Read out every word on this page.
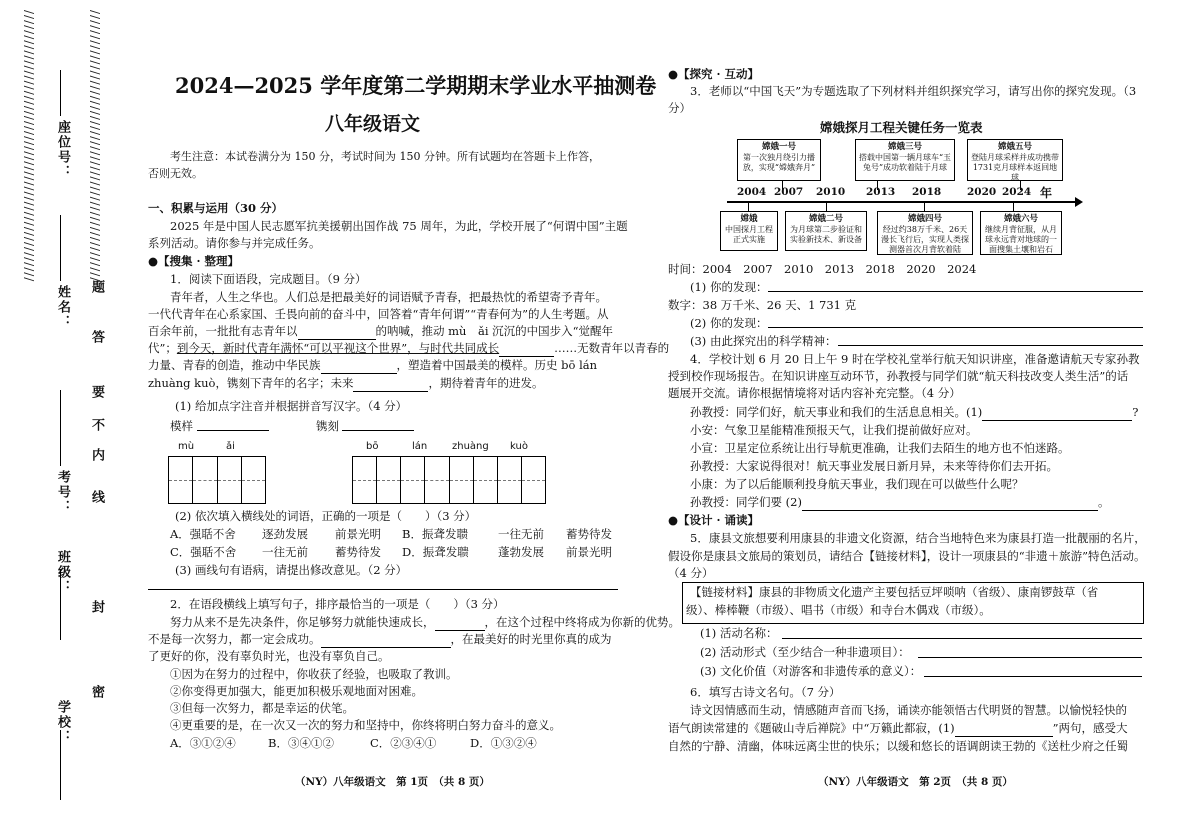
//////////////////////////////////////////////////////
////////////////////////////////////////////////////// 座位号：
姓名：
考号：
班级：
学校：
题
答
要
不
内
线
封
密
2024—2025 学年度第二学期期末学业水平抽测卷
八年级语文
考生注意：本试卷满分为 150 分，考试时间为 150 分钟。所有试题均在答题卡上作答，
否则无效。
一、积累与运用（30 分）
2025 年是中国人民志愿军抗美援朝出国作战 75 周年，为此，学校开展了“何谓中国”主题
系列活动。请你参与并完成任务。
●【搜集 · 整理】
1．阅读下面语段，完成题目。（9 分）
青年者，人生之华也。人们总是把最美好的词语赋予青春，把最热忱的希望寄予青年。
一代代青年在心系家国、壬畏向前的奋斗中，回答着“青年何谓”“青春何为”的人生考题。从
百余年前，一批批有志青年以	的呐喊，推动 mù　ǎi 沉沉的中国步入“觉醒年
代”；到今天，新时代青年满怀“可以平视这个世界”，与时代共同成长	……无数青年以青春的
力量、青春的创造，推动中华民族	，塑造着中国最美的模样。历史 bō lán
zhuàng kuò，镌刻下青年的名字；未来	，期待着青年的进发。
(1) 给加点字注音并根据拼音写汉字。（4 分）
模样	镌刻
mù	ǎi	bō	lán zhuàng kuò
(2) 依次填入横线处的词语，正确的一项是（　　）（3 分）
A．强聒不舍 逐劲发展 前景光明 B．振聋发聩	一往无前 蓄势待发
C．强聒不舍 一往无前 蓄势待发 D．振聋发聩	蓬勃发展 前景光明
(3) 画线句有语病，请提出修改意见。（2 分）
2．在语段横线上填写句子，排序最恰当的一项是（　　）（3 分）
努力从来不是先决条件，你足够努力就能快速成长，	，在这个过程中终将成为你新的优势。
不是每一次努力，都一定会成功。	，在最美好的时光里你真的成为
了更好的你，没有辜负时光，也没有辜负自己。
①因为在努力的过程中，你收获了经验，也吸取了教训。
②你变得更加强大，能更加积极乐观地面对困难。
③但每一次努力，都是幸运的伏笔。
④更重要的是，在一次又一次的努力和坚持中，你终将明白努力奋斗的意义。
A．③①②④	B．③④①②	C．②③④①	D．①③②④
（NY）八年级语文　第 1页　（共 8 页）
●【探究 · 互动】
3．老师以“中国飞天”为专题选取了下列材料并组织探究学习，请写出你的探究发现。（3
分）
嫦娥探月工程关键任务一览表
嫦娥一号
第一次独月绕引力播放，实现“嫦娥奔月”
嫦娥三号
搭载中国第一辆月球车“玉兔号”成功软着陆于月球
嫦娥五号
登陆月球采样并成功携带1731克月球样本返回地球
2004 2007 2010 2013 2018 2020 2024 年
嫦娥
中国探月工程正式实施
嫦娥二号
为月球第二步验证和实验新技术、新设备
嫦娥四号
经过约38万千米、26天漫长飞行后，实现人类探测器首次月背软着陆
嫦娥六号
继续月背征服，从月球永远背对地球的一面搜集土壤和岩石
时间：2004　2007　2010　2013　2018　2020　2024
(1) 你的发现：
数字：38 万千米、26 天、1 731 克
(2) 你的发现：
(3) 由此探究出的科学精神：
4．学校计划 6 月 20 日上午 9 时在学校礼堂举行航天知识讲座，准备邀请航天专家孙教
授到校作现场报告。在知识讲座互动环节，孙教授与同学们就“航天科技改变人类生活”的话
题展开交流。请你根据情境将对话内容补充完整。（4 分）
孙教授：同学们好，航天事业和我们的生活息息相关。(1)	?
小安：气象卫星能精准预报天气，让我们提前做好应对。
小宣：卫星定位系统让出行导航更准确，让我们去陌生的地方也不怕迷路。
孙教授：大家说得很对！航天事业发展日新月异，未来等待你们去开拓。
小康：为了以后能顺利投身航天事业，我们现在可以做些什么呢？
孙教授：同学们要 (2)	。
●【设计 · 诵读】
5．康县文旅想要利用康县的非遗文化资源，结合当地特色来为康县打造一批靓丽的名片，
假设你是康县文旅局的策划员，请结合【链接材料】，设计一项康县的“非遗＋旅游”特色活动。
（4 分）
【链接材料】康县的非物质文化遗产主要包括豆坪唢呐（省级）、康南锣鼓草（省
级）、棒棒鞭（市级）、唱书（市级）和寺台木偶戏（市级）。
(1) 活动名称：
(2) 活动形式（至少结合一种非遗项目）：
(3) 文化价值（对游客和非遗传承的意义）：
6．填写古诗文名句。（7 分）
诗文因情感而生动，情感随声音而飞扬，诵读亦能领悟古代明贤的智慧。以愉悦轻快的
语气朗读常建的《题破山寺后禅院》中“万籁此都寂，(1)	”两句，感受大
自然的宁静、清幽，体味远离尘世的快乐；以缓和悠长的语调朗读王勃的《送杜少府之任蜀
（NY）八年级语文　第 2页　（共 8 页）
